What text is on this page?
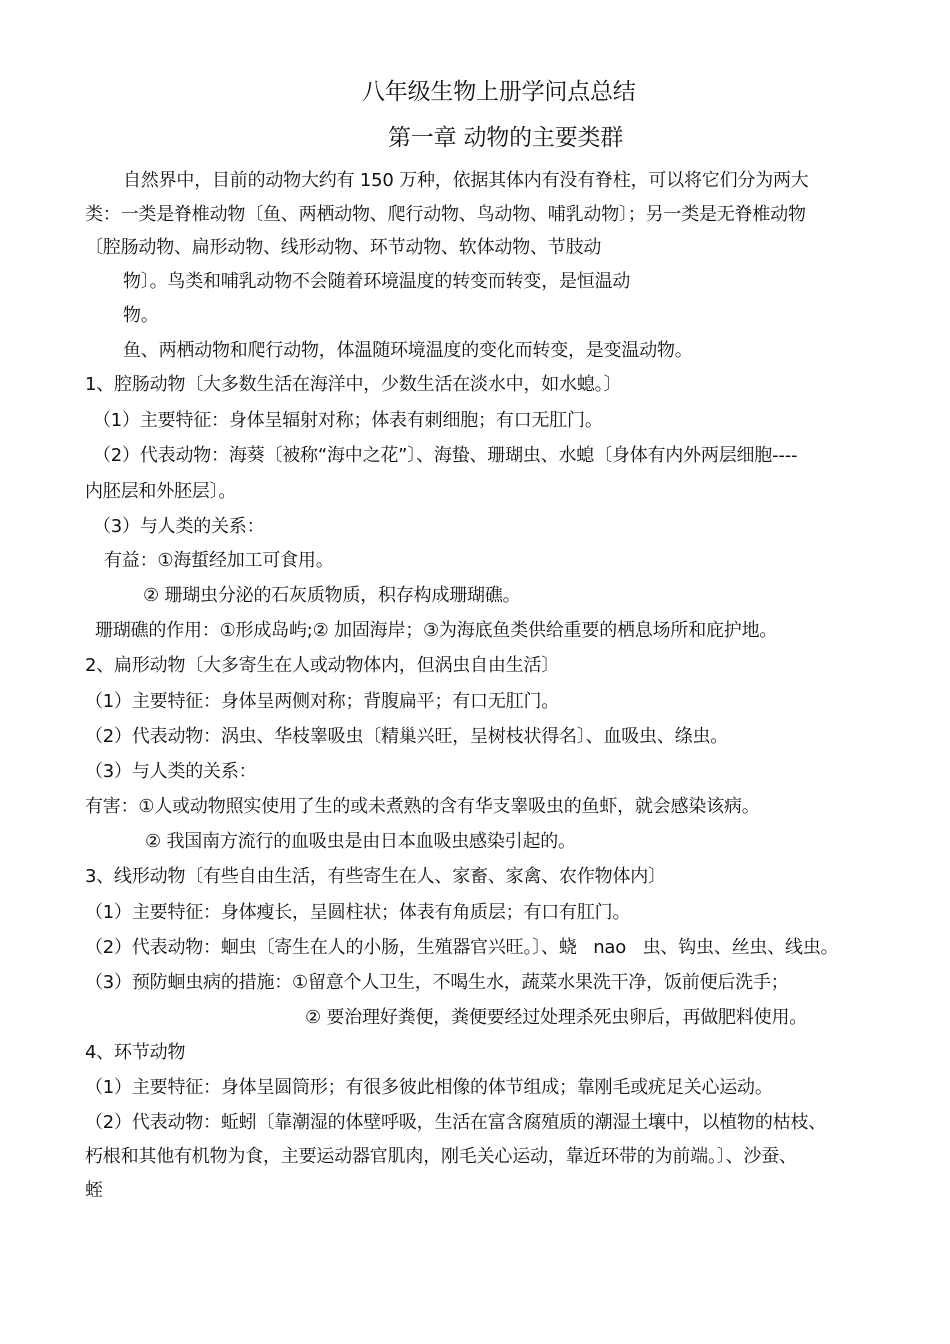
八年级生物上册学问点总结
第一章 动物的主要类群
自然界中，目前的动物大约有 150 万种，依据其体内有没有脊柱，可以将它们分为两大
类：一类是脊椎动物〔鱼、两栖动物、爬行动物、鸟动物、哺乳动物〕；另一类是无脊椎动物
〔腔肠动物、扁形动物、线形动物、环节动物、软体动物、节肢动
物〕。鸟类和哺乳动物不会随着环境温度的转变而转变，是恒温动
物。
鱼、两栖动物和爬行动物，体温随环境温度的变化而转变，是变温动物。
1、腔肠动物〔大多数生活在海洋中，少数生活在淡水中，如水螅。〕
（1）主要特征：身体呈辐射对称；体表有刺细胞；有口无肛门。
（2）代表动物：海葵〔被称“海中之花”〕、海蛰、珊瑚虫、水螅〔身体有内外两层细胞----
内胚层和外胚层〕。
（3）与人类的关系：
有益：①海蜇经加工可食用。
② 珊瑚虫分泌的石灰质物质，积存构成珊瑚礁。
珊瑚礁的作用：①形成岛屿;② 加固海岸；③为海底鱼类供给重要的栖息场所和庇护地。
2、扁形动物〔大多寄生在人或动物体内，但涡虫自由生活〕
（1）主要特征：身体呈两侧对称；背腹扁平；有口无肛门。
（2）代表动物：涡虫、华枝睾吸虫〔精巢兴旺，呈树枝状得名〕、血吸虫、绦虫。
（3）与人类的关系：
有害：①人或动物照实使用了生的或未煮熟的含有华支睾吸虫的鱼虾，就会感染该病。
② 我国南方流行的血吸虫是由日本血吸虫感染引起的。
3、线形动物〔有些自由生活，有些寄生在人、家畜、家禽、农作物体内〕
（1）主要特征：身体瘦长，呈圆柱状；体表有角质层；有口有肛门。
（2）代表动物：蛔虫〔寄生在人的小肠，生殖器官兴旺。〕、蛲   nao   虫、钩虫、丝虫、线虫。
（3）预防蛔虫病的措施：①留意个人卫生，不喝生水，蔬菜水果洗干净，饭前便后洗手；
② 要治理好粪便，粪便要经过处理杀死虫卵后，再做肥料使用。
4、环节动物
（1）主要特征：身体呈圆筒形；有很多彼此相像的体节组成；靠刚毛或疣足关心运动。
（2）代表动物：蚯蚓〔靠潮湿的体壁呼吸，生活在富含腐殖质的潮湿土壤中，以植物的枯枝、
朽根和其他有机物为食，主要运动器官肌肉，刚毛关心运动，靠近环带的为前端。〕、沙蚕、
蛭
